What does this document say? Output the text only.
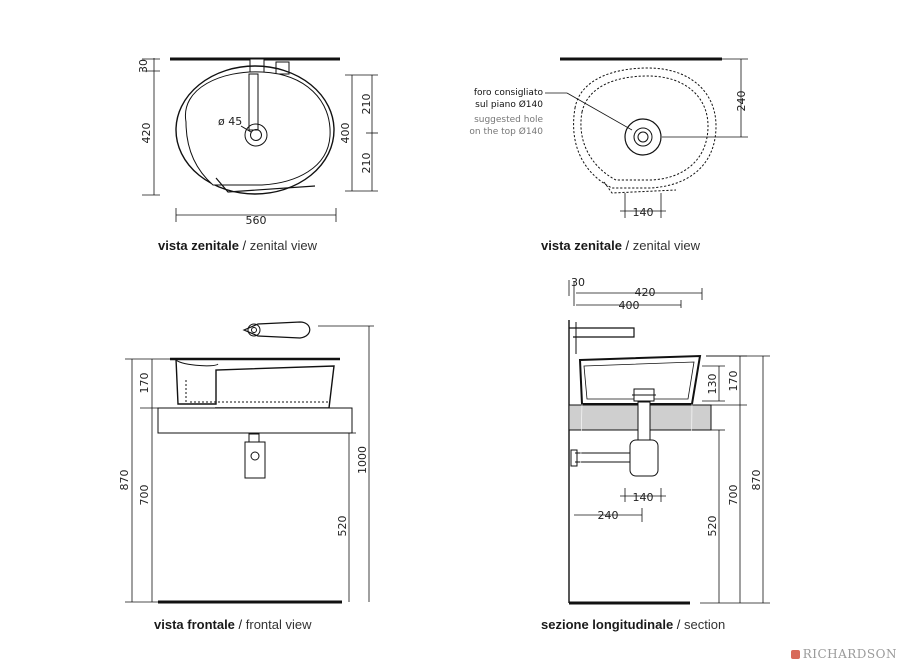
30
420
560
400
210
210
ø 45
foro consigliato
sul piano Ø140
suggested hole
on the top Ø140
240
140
170
870
700
520
1000
30
420
400
130 170
520
700
870
140
240
vista zenitale / zenital view	vista zenitale / zenital view
vista frontale / frontal view	sezione longitudinale / section
RICHARDSON
